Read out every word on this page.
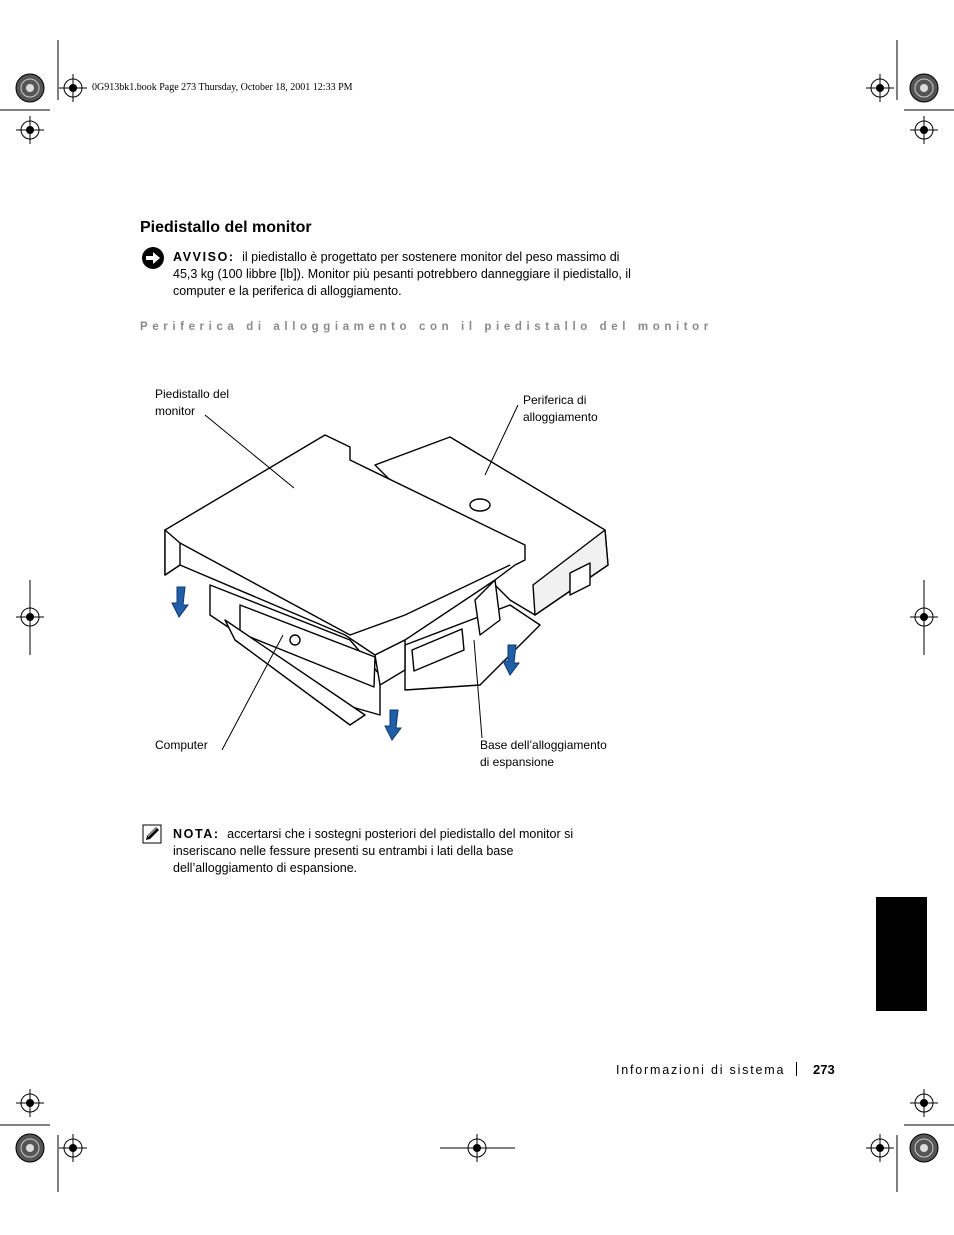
0G913bk1.book Page 273 Thursday, October 18, 2001 12:33 PM
Piedistallo del monitor
AVVISO: il piedistallo è progettato per sostenere monitor del peso massimo di 45,3 kg (100 libbre [lb]). Monitor più pesanti potrebbero danneggiare il piedistallo, il computer e la periferica di alloggiamento.
Periferica di alloggiamento con il piedistallo del monitor
Piedistallo del
monitor
Periferica di
alloggiamento
Computer	Base dell’alloggiamento
di espansione
NOTA: accertarsi che i sostegni posteriori del piedistallo del monitor si inseriscano nelle fessure presenti su entrambi i lati della base dell’alloggiamento di espansione.
Informazioni di sistema 273
